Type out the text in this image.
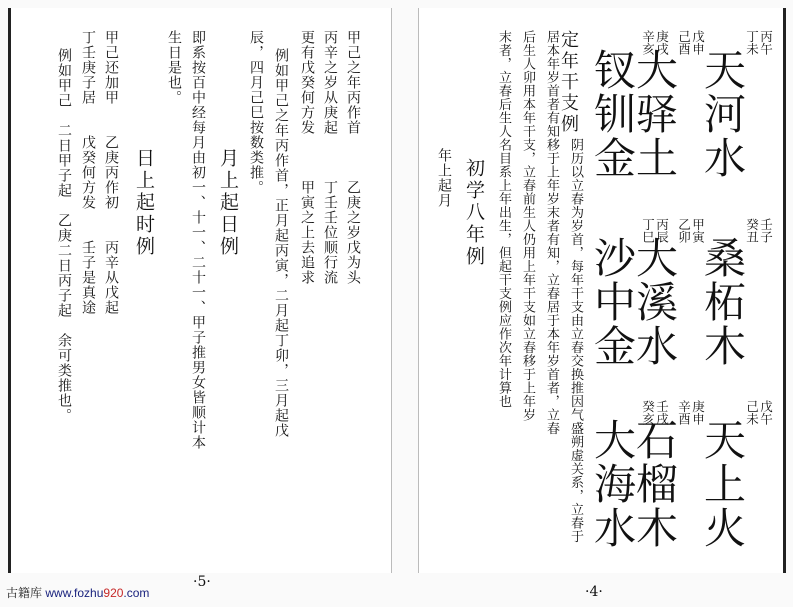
甲己之年丙作首　　　乙庚之岁戊为头
丙辛之岁从庚起　　　丁壬壬位顺行流
更有戊癸何方发　　　甲寅之上去追求
例如甲己之年丙作首，正月起丙寅，二月起丁卯，三月起戊
辰，四月己巳按数类推。
月上起日例
即系按百中经每月由初一、十一、二十一、甲子推男女皆顺计本
生日是也。
日上起时例
甲己还加甲　　乙庚丙作初　　丙辛从戊起
丁壬庚子居　　戊癸何方发　　壬子是真途
例如甲己　二日甲子起　乙庚二日丙子起　余可类推也。
·5·
丙午
丁未
天河水
戊申
己酉
大驿土
庚戌
辛亥
钗钏金
壬子
癸丑
桑柘木
甲寅
乙卯
大溪水
丙辰
丁巳
沙中金
戊午
己未
天上火
庚申
辛酉
石榴木
壬戌
癸亥
大海水
定年干支例
阴历以立春为岁首，每年干支由立春交换推因气盛朔虚关系，立春于
居本年岁首者有知移于上年岁末者有知，立春居于本年岁首者，立春
后生人卯用本年干支，立春前生人仍用上年干支如立春移于上年岁
末者，立春后生人名目系上年出生，但起干支例应作次年计算也
初学八年例
年上起月
·4·
古籍库 www.fozhu920.com
